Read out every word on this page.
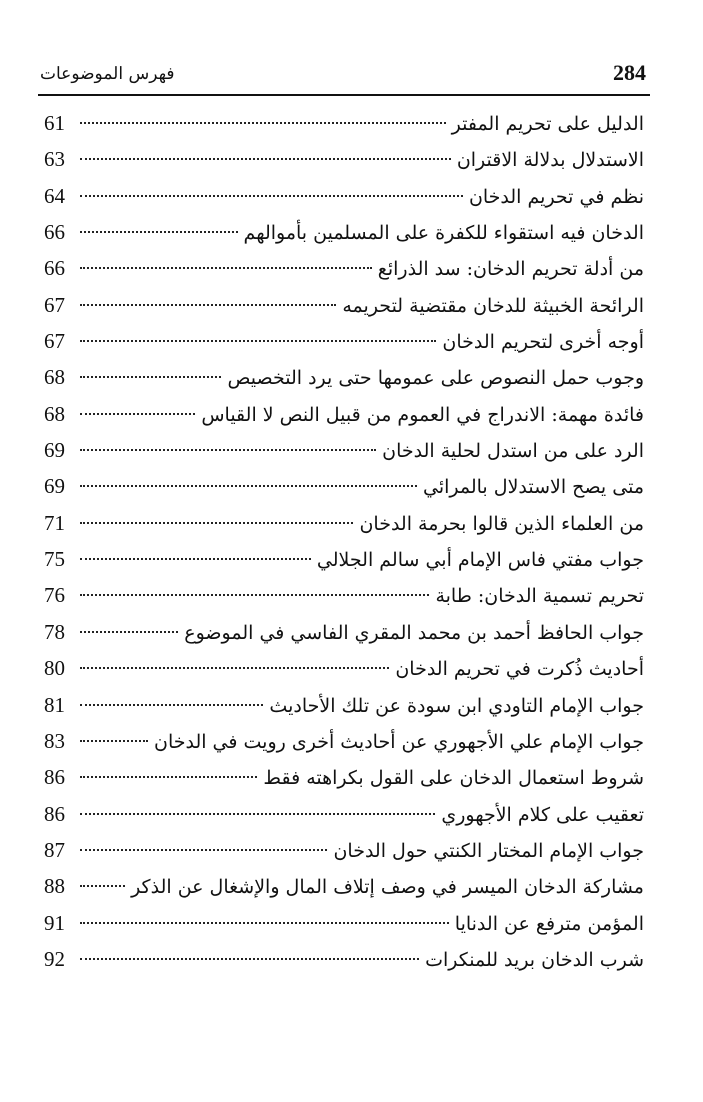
284
فهرس الموضوعات
61	الدليل على تحريم المفتر
63	الاستدلال بدلالة الاقتران
64	نظم في تحريم الدخان
66	الدخان فيه استقواء للكفرة على المسلمين بأموالهم
66	من أدلة تحريم الدخان: سد الذرائع
67	الرائحة الخبيثة للدخان مقتضية لتحريمه
67	أوجه أخرى لتحريم الدخان
68	وجوب حمل النصوص على عمومها حتى يرد التخصيص
68	فائدة مهمة: الاندراج في العموم من قبيل النص لا القياس
69	الرد على من استدل لحلية الدخان
69	متى يصح الاستدلال بالمرائي
71	من العلماء الذين قالوا بحرمة الدخان
75	جواب مفتي فاس الإمام أبي سالم الجلالي
76	تحريم تسمية الدخان: طابة
78	جواب الحافظ أحمد بن محمد المقري الفاسي في الموضوع
80	أحاديث ذُكرت في تحريم الدخان
81	جواب الإمام التاودي ابن سودة عن تلك الأحاديث
83	جواب الإمام علي الأجهوري عن أحاديث أخرى رويت في الدخان
86	شروط استعمال الدخان على القول بكراهته فقط
86	تعقيب على كلام الأجهوري
87	جواب الإمام المختار الكنتي حول الدخان
88	مشاركة الدخان الميسر في وصف إتلاف المال والإشغال عن الذكر
91	المؤمن مترفع عن الدنايا
92	شرب الدخان بريد للمنكرات
